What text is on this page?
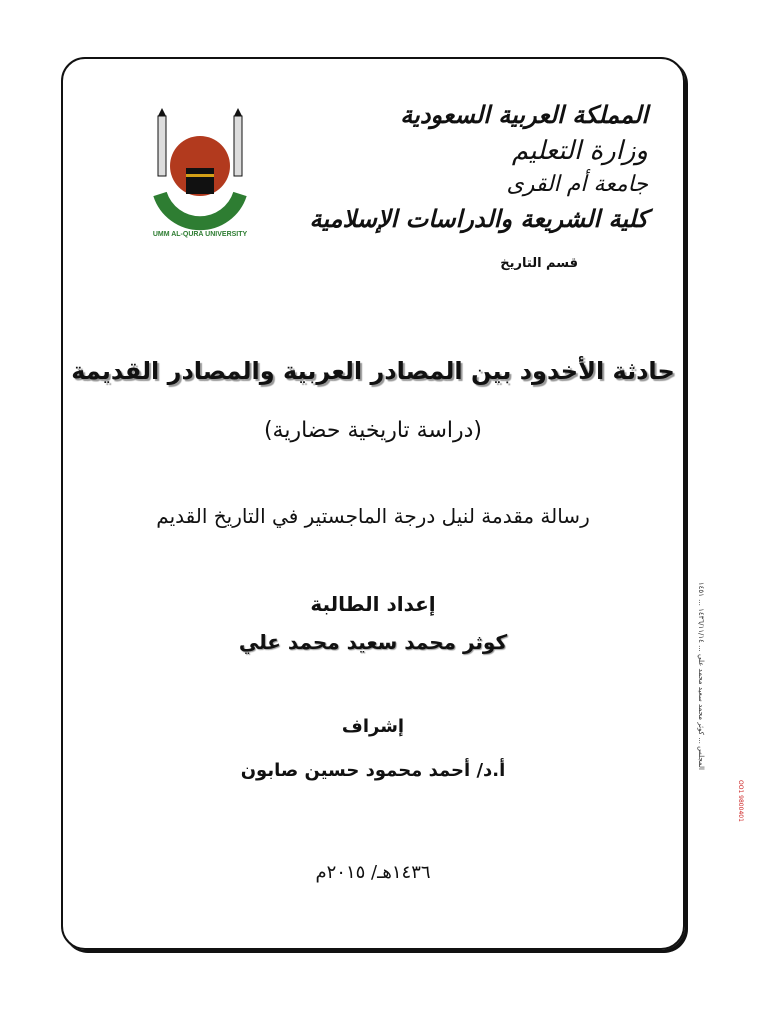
UMM AL-QURA UNIVERSITY
المملكة العربية السعودية
وزارة التعليم
جامعة أم القرى
كلية الشريعة والدراسات الإسلامية
قسم التاريخ
حادثة الأخدود بين المصادر العربية والمصادر القديمة
(دراسة تاريخية حضارية)
رسالة مقدمة لنيل درجة الماجستير في التاريخ القديم
إعداد الطالبة
كوثر محمد سعيد محمد علي
إشراف
أ.د/ أحمد محمود حسين صابون
١٤٣٦هـ/ ٢٠١٥م
المجلس ... كوثر محمد سعيد محمد علي ... ١٤٣٦/١١/١٤ ... ١٤٥١
OO1 9800401
